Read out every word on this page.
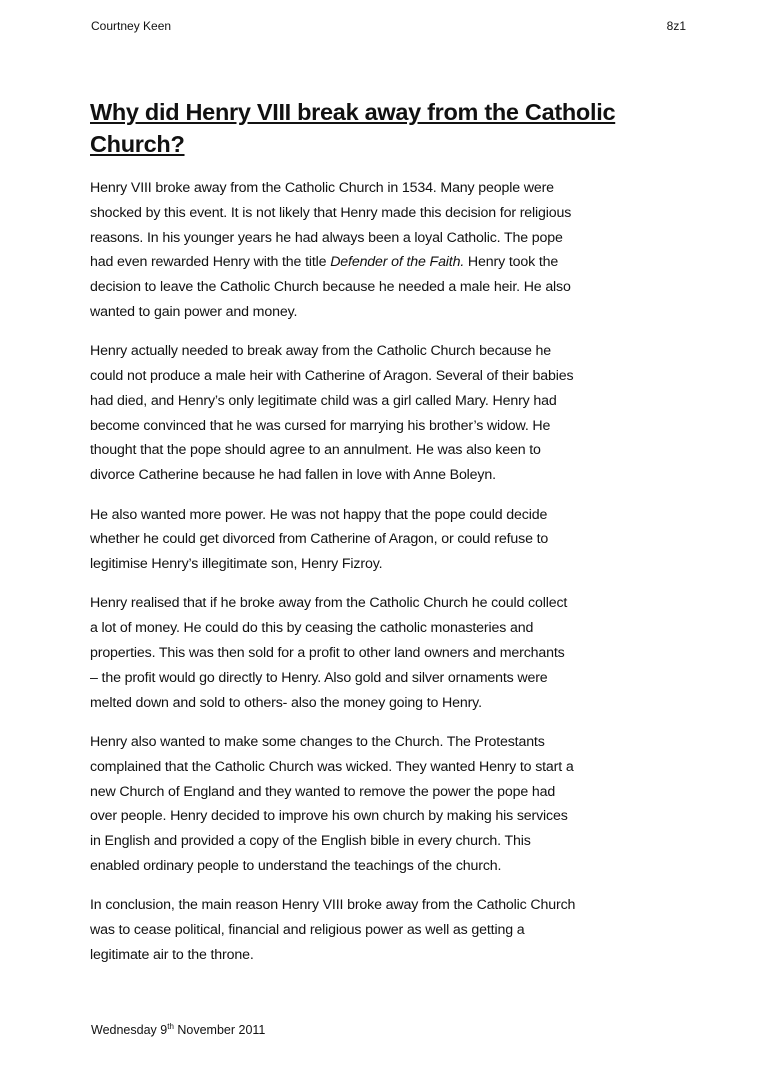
Courtney Keen	8z1
Why did Henry VIII break away from the Catholic
Church?

Henry VIII broke away from the Catholic Church in 1534. Many people were
shocked by this event. It is not likely that Henry made this decision for religious
reasons. In his younger years he had always been a loyal Catholic. The pope
had even rewarded Henry with the title Defender of the Faith. Henry took the
decision to leave the Catholic Church because he needed a male heir. He also
wanted to gain power and money.

Henry actually needed to break away from the Catholic Church because he
could not produce a male heir with Catherine of Aragon. Several of their babies
had died, and Henry’s only legitimate child was a girl called Mary. Henry had
become convinced that he was cursed for marrying his brother’s widow. He
thought that the pope should agree to an annulment. He was also keen to
divorce Catherine because he had fallen in love with Anne Boleyn.

He also wanted more power. He was not happy that the pope could decide
whether he could get divorced from Catherine of Aragon, or could refuse to
legitimise Henry’s illegitimate son, Henry Fizroy.

Henry realised that if he broke away from the Catholic Church he could collect
a lot of money. He could do this by ceasing the catholic monasteries and
properties. This was then sold for a profit to other land owners and merchants
– the profit would go directly to Henry. Also gold and silver ornaments were
melted down and sold to others- also the money going to Henry.

Henry also wanted to make some changes to the Church. The Protestants
complained that the Catholic Church was wicked. They wanted Henry to start a
new Church of England and they wanted to remove the power the pope had
over people. Henry decided to improve his own church by making his services
in English and provided a copy of the English bible in every church. This
enabled ordinary people to understand the teachings of the church.

In conclusion, the main reason Henry VIII broke away from the Catholic Church
was to cease political, financial and religious power as well as getting a
legitimate air to the throne.

Wednesday 9th November 2011
